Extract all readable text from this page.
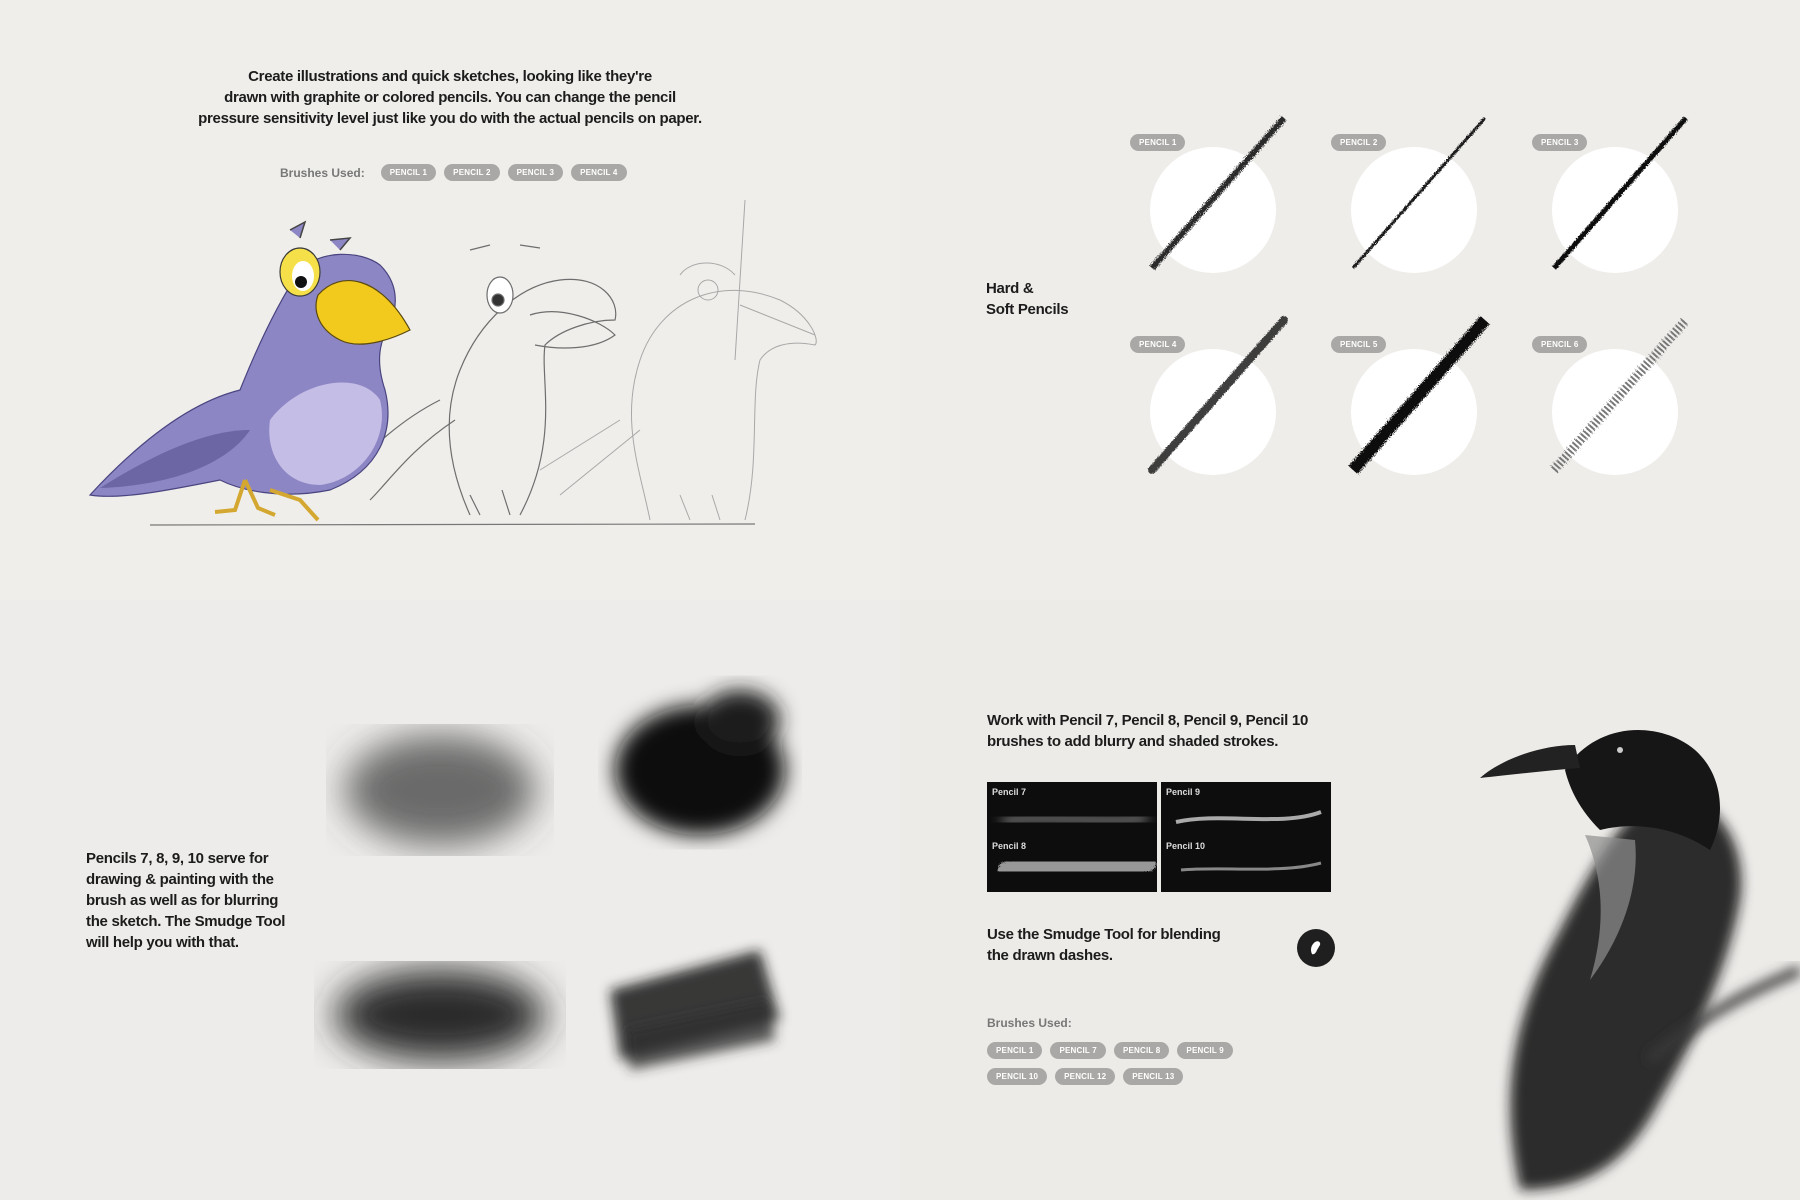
Create illustrations and quick sketches, looking like they're
drawn with graphite or colored pencils. You can change the pencil
pressure sensitivity level just like you do with the actual pencils on paper.
Brushes Used:	PENCIL 1	PENCIL 2	PENCIL 3	PENCIL 4
Hard &
Soft Pencils
PENCIL 1	PENCIL 2	PENCIL 3
PENCIL 4	PENCIL 5	PENCIL 6
Pencils 7, 8, 9, 10 serve for
drawing & painting with the
brush as well as for blurring
the sketch. The Smudge Tool
will help you with that.
Work with Pencil 7, Pencil 8, Pencil 9, Pencil 10
brushes to add blurry and shaded strokes.
Pencil 7	Pencil 9
Pencil 8	Pencil 10
Use the Smudge Tool for blending
the drawn dashes.
Brushes Used:
PENCIL 1	PENCIL 7	PENCIL 8	PENCIL 9
PENCIL 10	PENCIL 12	PENCIL 13
